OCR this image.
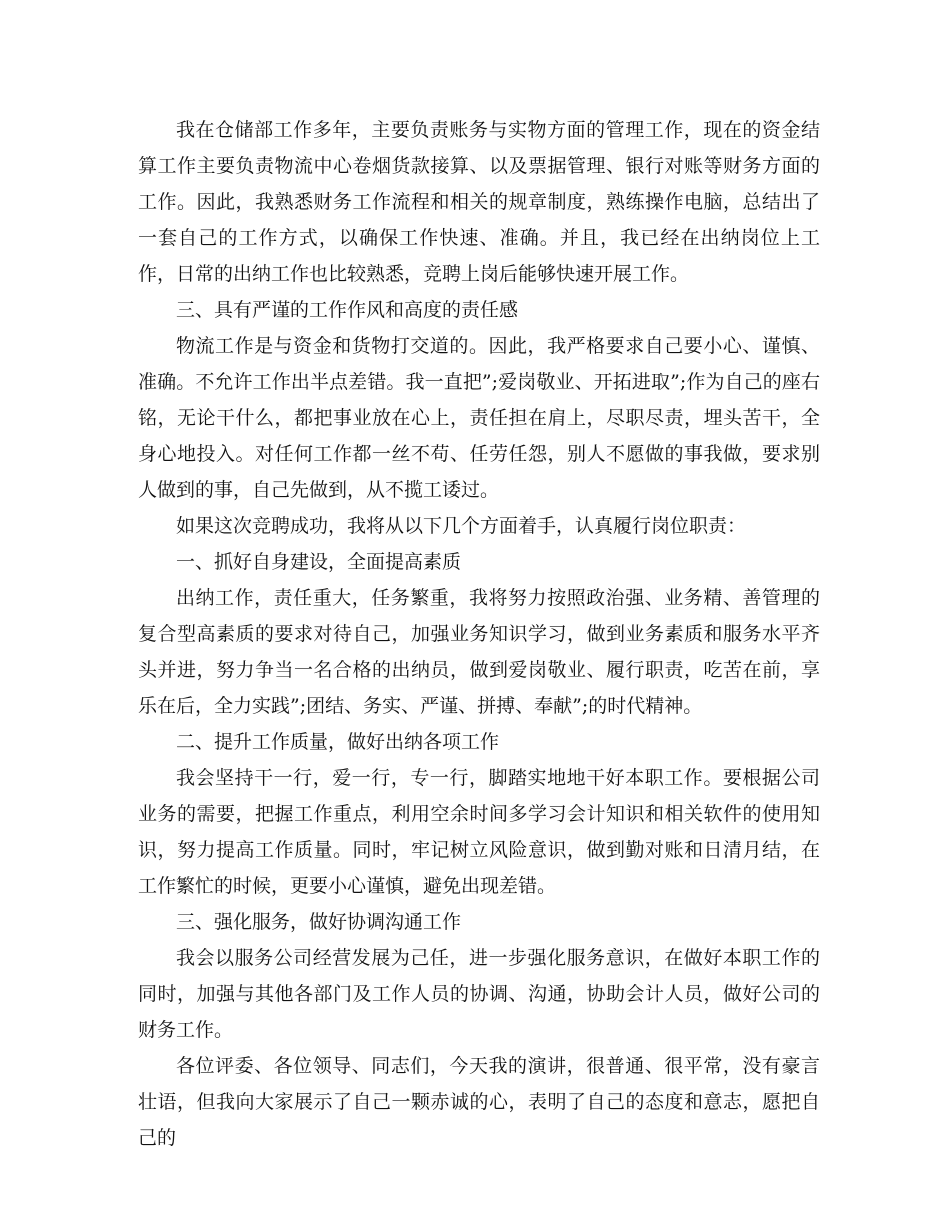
我在仓储部工作多年，主要负责账务与实物方面的管理工作，现在的资金结算工作主要负责物流中心卷烟货款接算、以及票据管理、银行对账等财务方面的工作。因此，我熟悉财务工作流程和相关的规章制度，熟练操作电脑，总结出了一套自己的工作方式，以确保工作快速、准确。并且，我已经在出纳岗位上工作，日常的出纳工作也比较熟悉，竞聘上岗后能够快速开展工作。

三、具有严谨的工作作风和高度的责任感

物流工作是与资金和货物打交道的。因此，我严格要求自己要小心、谨慎、准确。不允许工作出半点差错。我一直把”;爱岗敬业、开拓进取”;作为自己的座右铭，无论干什么，都把事业放在心上，责任担在肩上，尽职尽责，埋头苦干，全身心地投入。对任何工作都一丝不苟、任劳任怨，别人不愿做的事我做，要求别人做到的事，自己先做到，从不揽工诿过。

如果这次竞聘成功，我将从以下几个方面着手，认真履行岗位职责：

一、抓好自身建设，全面提高素质

出纳工作，责任重大，任务繁重，我将努力按照政治强、业务精、善管理的复合型高素质的要求对待自己，加强业务知识学习，做到业务素质和服务水平齐头并进，努力争当一名合格的出纳员，做到爱岗敬业、履行职责，吃苦在前，享乐在后，全力实践”;团结、务实、严谨、拼搏、奉献”;的时代精神。

二、提升工作质量，做好出纳各项工作

我会坚持干一行，爱一行，专一行，脚踏实地地干好本职工作。要根据公司业务的需要，把握工作重点，利用空余时间多学习会计知识和相关软件的使用知识，努力提高工作质量。同时，牢记树立风险意识，做到勤对账和日清月结，在工作繁忙的时候，更要小心谨慎，避免出现差错。

三、强化服务，做好协调沟通工作

我会以服务公司经营发展为己任，进一步强化服务意识，在做好本职工作的同时，加强与其他各部门及工作人员的协调、沟通，协助会计人员，做好公司的财务工作。

各位评委、各位领导、同志们，今天我的演讲，很普通、很平常，没有豪言壮语，但我向大家展示了自己一颗赤诚的心，表明了自己的态度和意志，愿把自己的
